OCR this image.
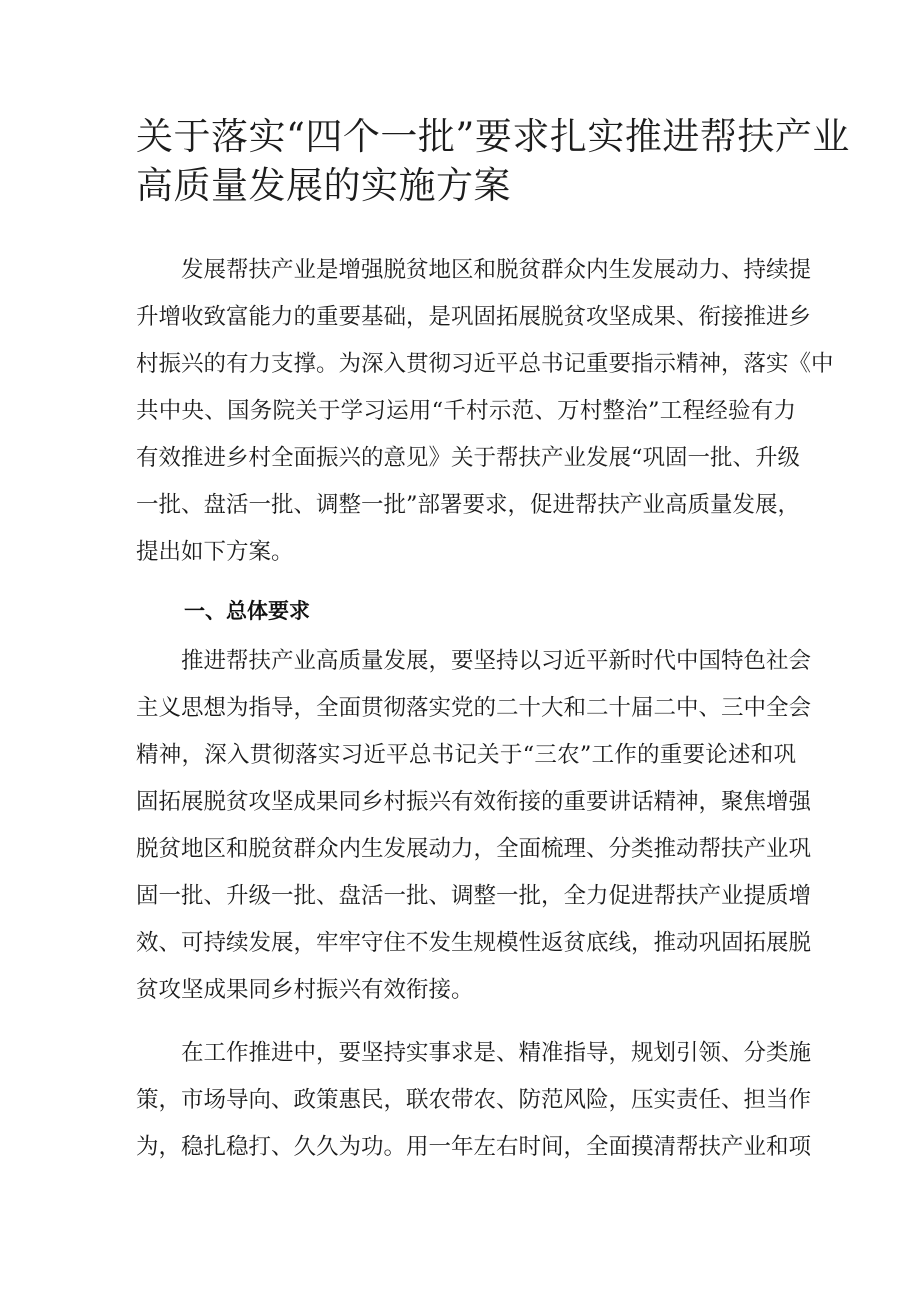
关于落实“四个一批”要求扎实推进帮扶产业
高质量发展的实施方案

　　发展帮扶产业是增强脱贫地区和脱贫群众内生发展动力、持续提
升增收致富能力的重要基础，是巩固拓展脱贫攻坚成果、衔接推进乡
村振兴的有力支撑。为深入贯彻习近平总书记重要指示精神，落实《中
共中央、国务院关于学习运用“千村示范、万村整治”工程经验有力
有效推进乡村全面振兴的意见》关于帮扶产业发展“巩固一批、升级
一批、盘活一批、调整一批”部署要求，促进帮扶产业高质量发展，
提出如下方案。

一、总体要求

　　推进帮扶产业高质量发展，要坚持以习近平新时代中国特色社会
主义思想为指导，全面贯彻落实党的二十大和二十届二中、三中全会
精神，深入贯彻落实习近平总书记关于“三农”工作的重要论述和巩
固拓展脱贫攻坚成果同乡村振兴有效衔接的重要讲话精神，聚焦增强
脱贫地区和脱贫群众内生发展动力，全面梳理、分类推动帮扶产业巩
固一批、升级一批、盘活一批、调整一批，全力促进帮扶产业提质增
效、可持续发展，牢牢守住不发生规模性返贫底线，推动巩固拓展脱
贫攻坚成果同乡村振兴有效衔接。

　　在工作推进中，要坚持实事求是、精准指导，规划引领、分类施
策，市场导向、政策惠民，联农带农、防范风险，压实责任、担当作
为，稳扎稳打、久久为功。用一年左右时间，全面摸清帮扶产业和项
